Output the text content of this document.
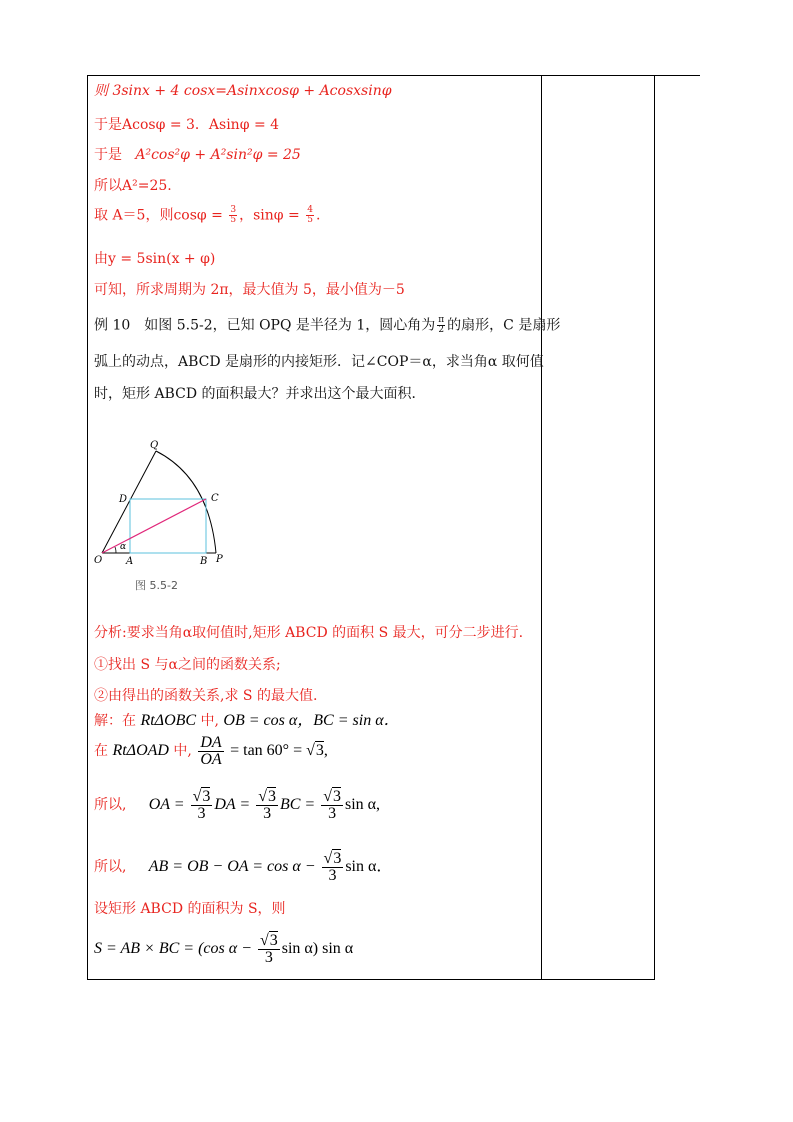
则 3sinx + 4 cosx=Asinxcosφ + Acosxsinφ
于是Acosφ = 3．Asinφ = 4
于是 A²cos²φ + A²sin²φ = 25
所以A²=25.
取 A＝5，则$\cos\varphi = \frac{3}{5}$ ，$\sin\varphi = \frac{4}{5}$ .
由y = 5sin(x + φ)
可知，所求周期为 2π，最大值为 5，最小值为－5
例 10　如图 5.5-2，已知 OPQ 是半径为 1，圆心角为 $\frac{\pi}{2}$ 的扇形，C 是扇形
弧上的动点，ABCD 是扇形的内接矩形．记∠COP＝α，求当角α 取何值
时，矩形 ABCD 的面积最大？并求出这个最大面积．
Q
D	C
O A	B P
α
图 5.5-2
分析:要求当角α取何值时,矩形 ABCD 的面积 S 最大，可分二步进行.
①找出 S 与α之间的函数关系;
②由得出的函数关系,求 S 的最大值.
解：在 RtΔOBC 中, OB = cos α，BC = sin α．
在 RtΔOAD 中, $\frac{DA}{OA} = \tan 60^\circ = √3$,
所以, OA = $\frac{√3}{3}$ DA = $\frac{√3}{3}$ BC = $\frac{√3}{3}$ sin α,
所以, AB = OB − OA = $\cos \alpha - \frac{√3}{3}$ sin α．
设矩形 ABCD 的面积为 S，则
S = AB × BC = (cos $\alpha - \frac{√3}{3}$ sin α) sin α
